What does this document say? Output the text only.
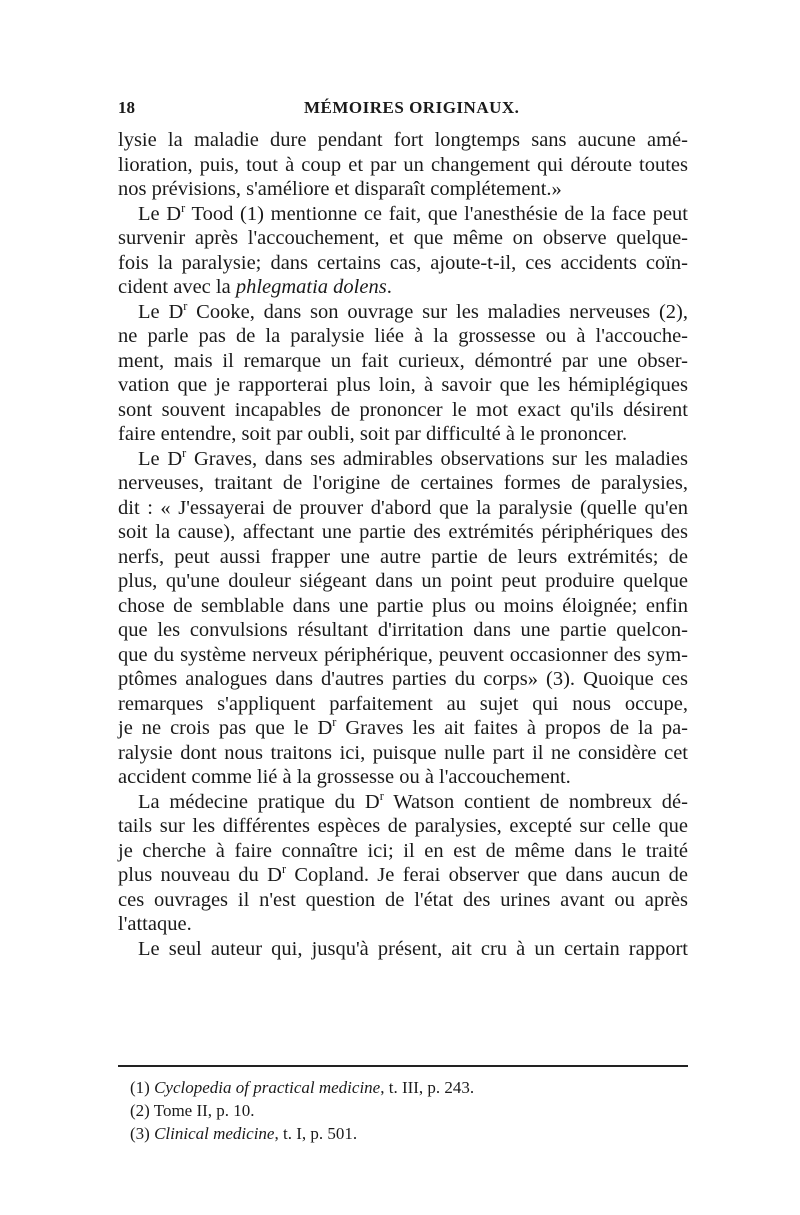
18	MÉMOIRES ORIGINAUX.
lysie la maladie dure pendant fort longtemps sans aucune amé-
lioration, puis, tout à coup et par un changement qui déroute toutes
nos prévisions, s'améliore et disparaît complétement.»
Le $D^r$ Tood (1) mentionne ce fait, que l'anesthésie de la face peut
survenir après l'accouchement, et que même on observe quelque-
fois la paralysie; dans certains cas, ajoute-t-il, ces accidents coïn-
cident avec la phlegmatia dolens.
Le $D^r$ Cooke, dans son ouvrage sur les maladies nerveuses (2),
ne parle pas de la paralysie liée à la grossesse ou à l'accouche-
ment, mais il remarque un fait curieux, démontré par une obser-
vation que je rapporterai plus loin, à savoir que les hémiplégiques
sont souvent incapables de prononcer le mot exact qu'ils désirent
faire entendre, soit par oubli, soit par difficulté à le prononcer.
Le $D^r$ Graves, dans ses admirables observations sur les maladies
nerveuses, traitant de l'origine de certaines formes de paralysies,
dit : « J'essayerai de prouver d'abord que la paralysie (quelle qu'en
soit la cause), affectant une partie des extrémités périphériques des
nerfs, peut aussi frapper une autre partie de leurs extrémités; de
plus, qu'une douleur siégeant dans un point peut produire quelque
chose de semblable dans une partie plus ou moins éloignée; enfin
que les convulsions résultant d'irritation dans une partie quelcon-
que du système nerveux périphérique, peuvent occasionner des sym-
ptômes analogues dans d'autres parties du corps» (3). Quoique ces
remarques s'appliquent parfaitement au sujet qui nous occupe,
je ne crois pas que le $D^r$ Graves les ait faites à propos de la pa-
ralysie dont nous traitons ici, puisque nulle part il ne considère cet
accident comme lié à la grossesse ou à l'accouchement.
La médecine pratique du $D^r$ Watson contient de nombreux dé-
tails sur les différentes espèces de paralysies, excepté sur celle que
je cherche à faire connaître ici; il en est de même dans le traité
plus nouveau du $D^r$ Copland. Je ferai observer que dans aucun de
ces ouvrages il n'est question de l'état des urines avant ou après
l'attaque.
Le seul auteur qui, jusqu'à présent, ait cru à un certain rapport
(1) Cyclopedia of practical medicine, t. III, p. 243.
(2) Tome II, p. 10.
(3) Clinical medicine, t. I, p. 501.
